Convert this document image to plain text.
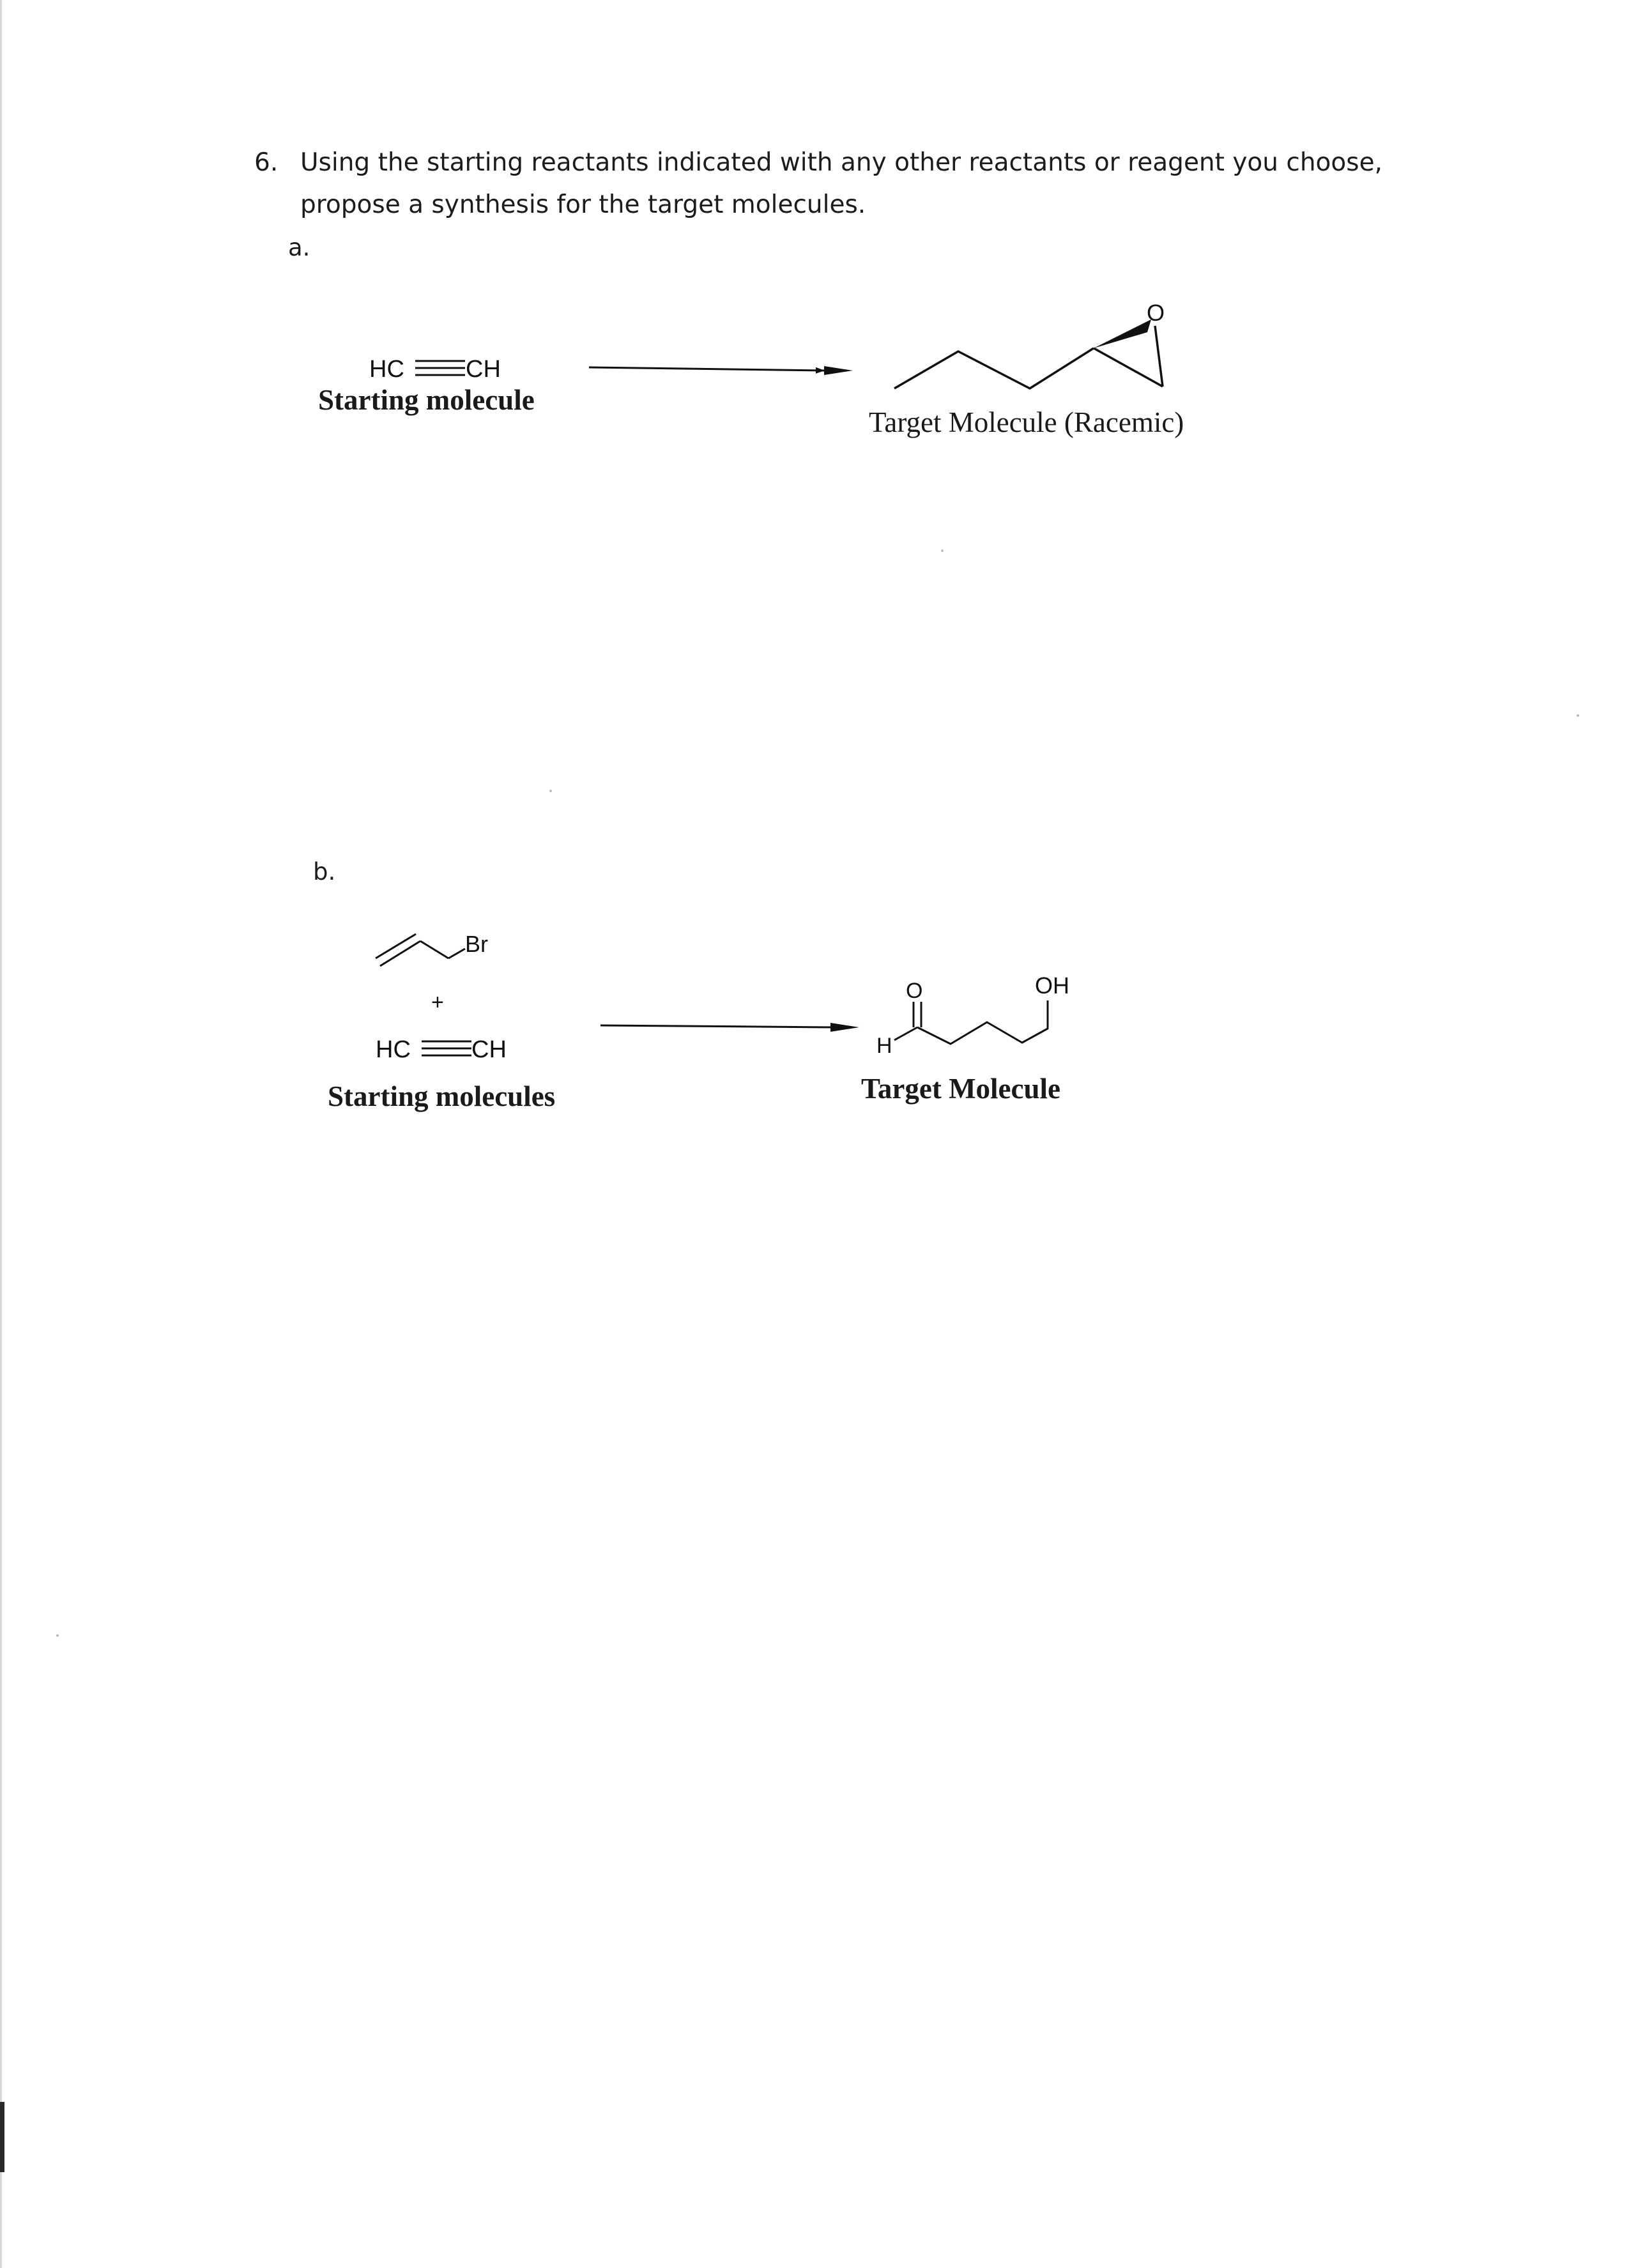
6. Using the starting reactants indicated with any other reactants or reagent you choose, propose a synthesis for the target molecules.
a.
b.
Starting molecule
Target Molecule (Racemic)
Starting molecules	Target Molecule
HC	CH
O
Br
+
HC	CH
O
H
OH
